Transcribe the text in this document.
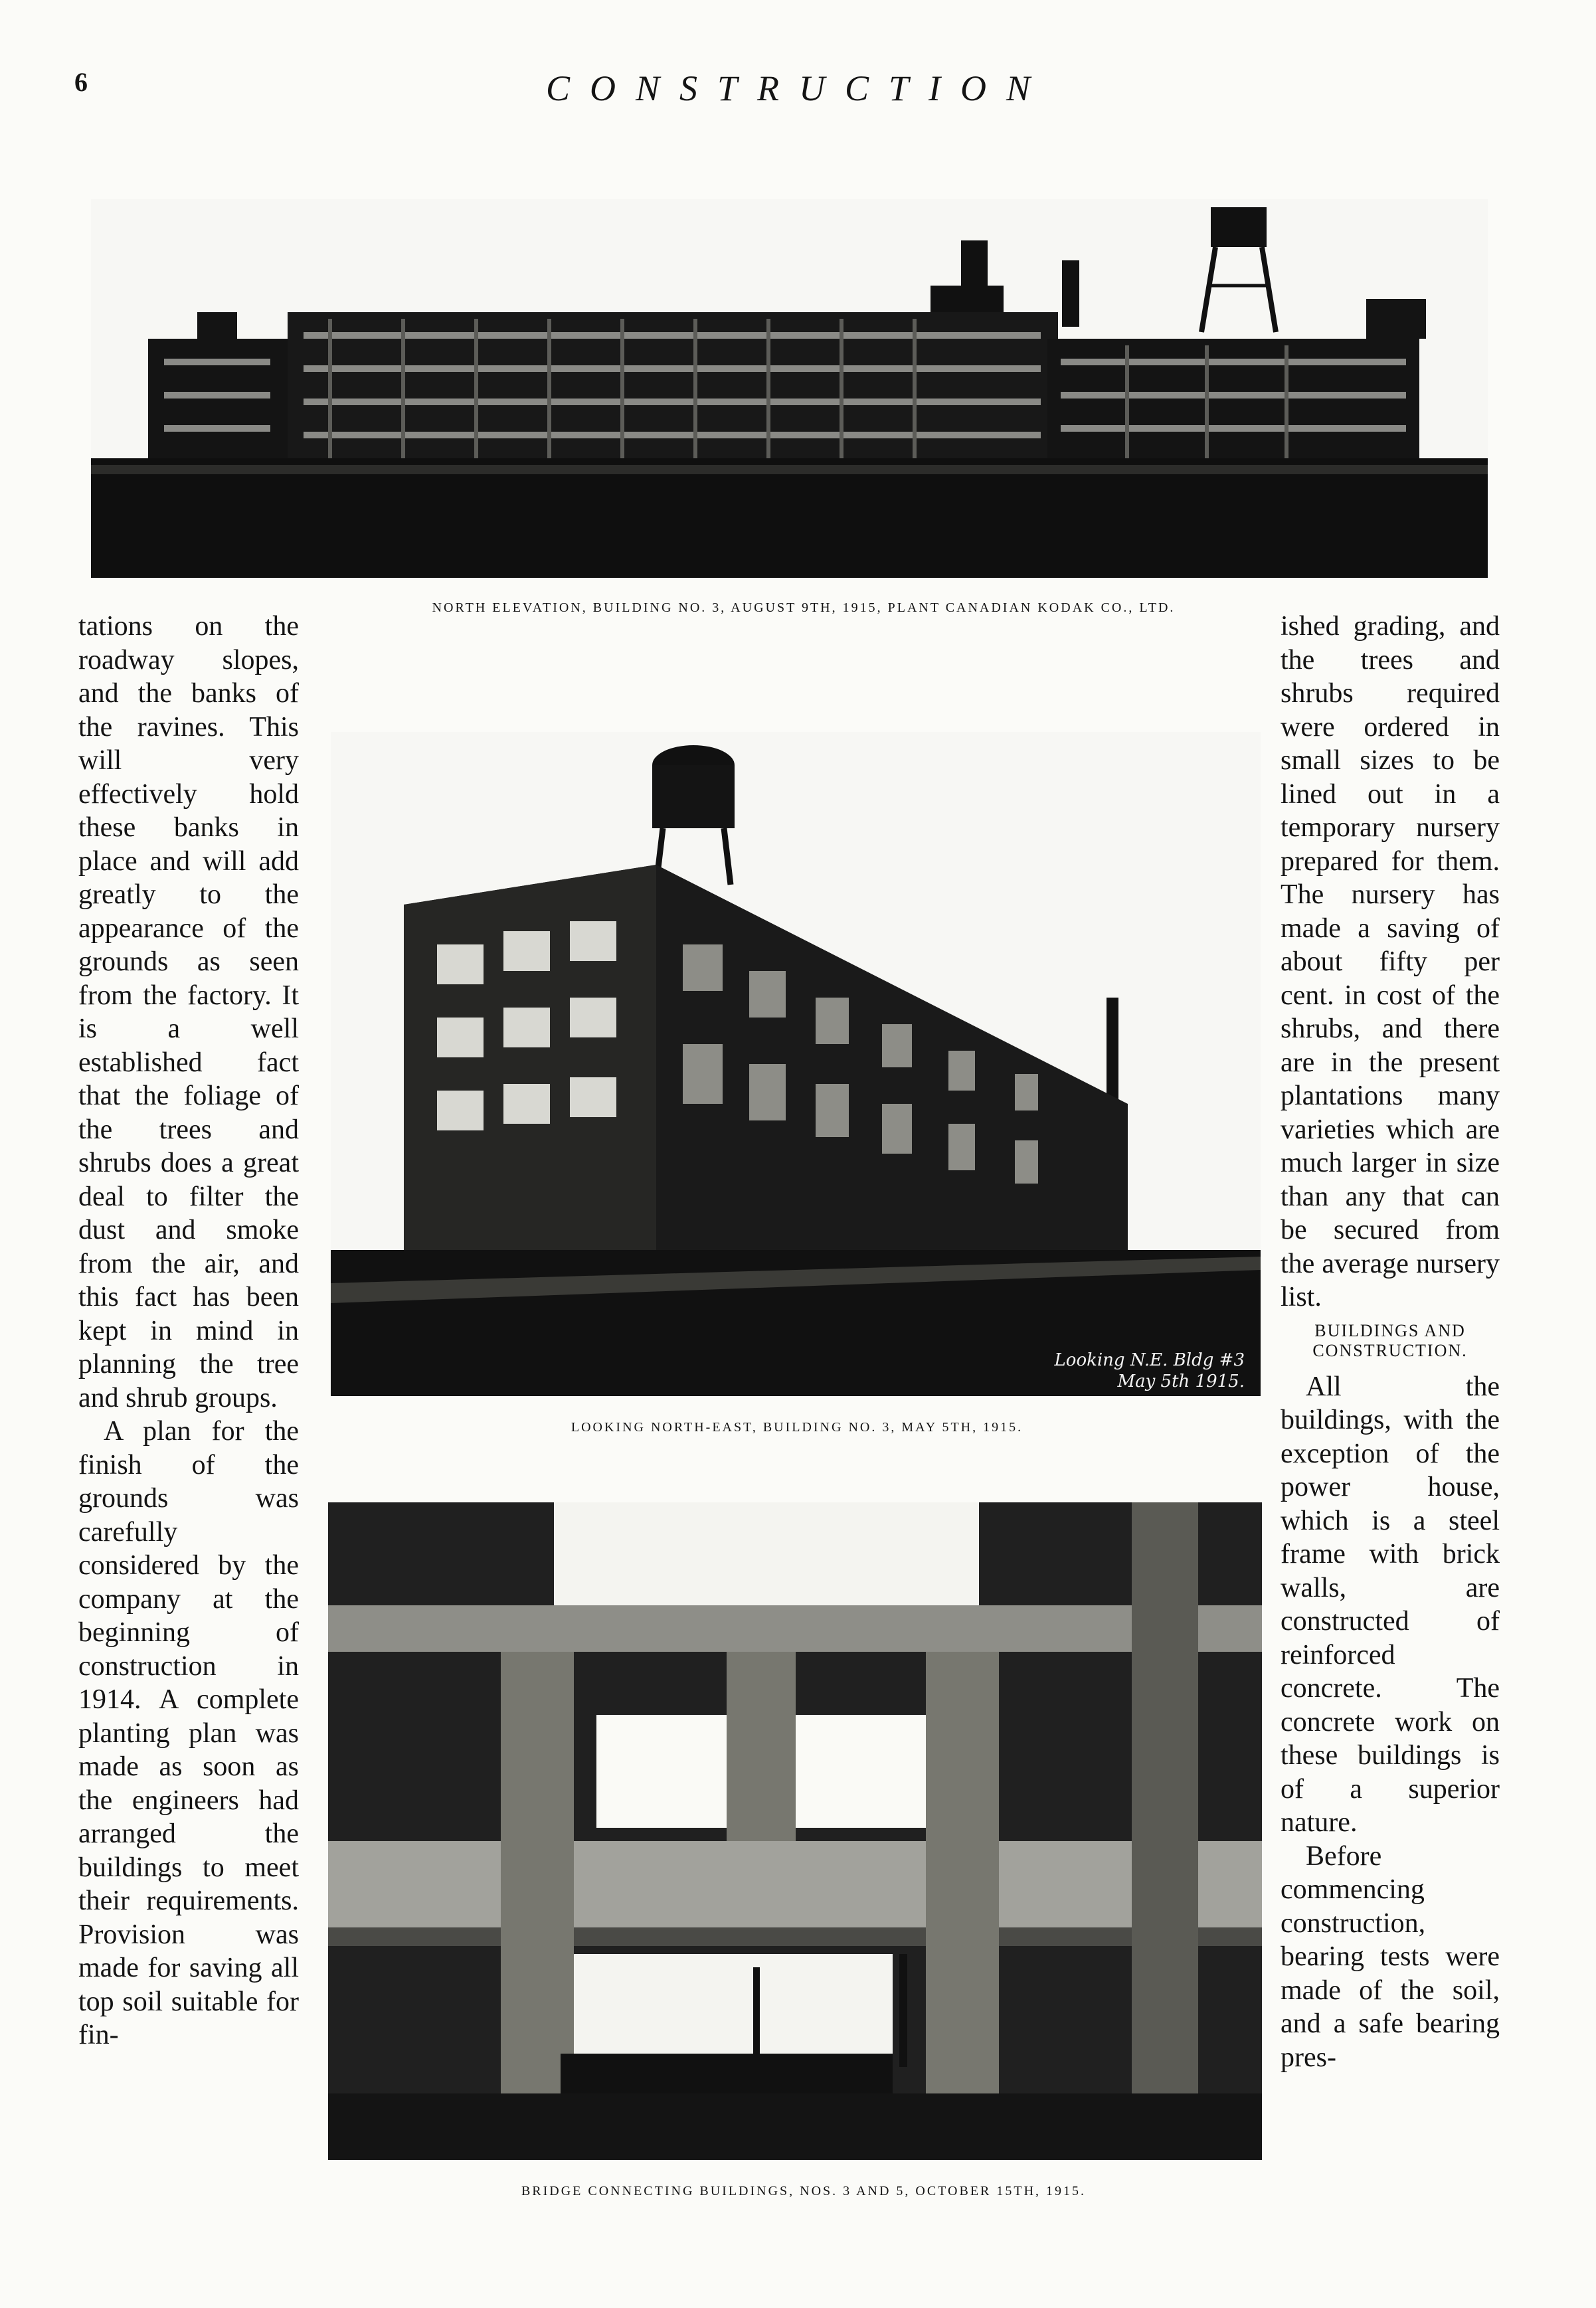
6	CONSTRUCTION
NORTH ELEVATION, BUILDING NO. 3, AUGUST 9TH, 1915, PLANT CANADIAN KODAK CO., LTD.
Looking N.E. Bldg #3
May 5th 1915.
LOOKING NORTH-EAST, BUILDING NO. 3, MAY 5TH, 1915.
BRIDGE CONNECTING BUILDINGS, NOS. 3 AND 5, OCTOBER 15TH, 1915.

tations on the roadway slopes, and the banks of the ravines. This will very effectively hold these banks in place and will add greatly to the appearance of the grounds as seen from the factory. It is a well established fact that the foliage of the trees and shrubs does a great deal to filter the dust and smoke from the air, and this fact has been kept in mind in planning the tree and shrub groups.

A plan for the finish of the grounds was carefully considered by the company at the beginning of construction in 1914. A complete planting plan was made as soon as the engineers had arranged the buildings to meet their requirements. Provision was made for saving all top soil suitable for fin-

ished grading, and the trees and shrubs required were ordered in small sizes to be lined out in a temporary nursery prepared for them. The nursery has made a saving of about fifty per cent. in cost of the shrubs, and there are in the present plantations many varieties which are much larger in size than any that can be secured from the average nursery list.

BUILDINGS AND
CONSTRUCTION.

All the buildings, with the exception of the power house, which is a steel frame with brick walls, are constructed of reinforced concrete. The concrete work on these buildings is of a superior nature.

Before commencing construction, bearing tests were made of the soil, and a safe bearing pres-
